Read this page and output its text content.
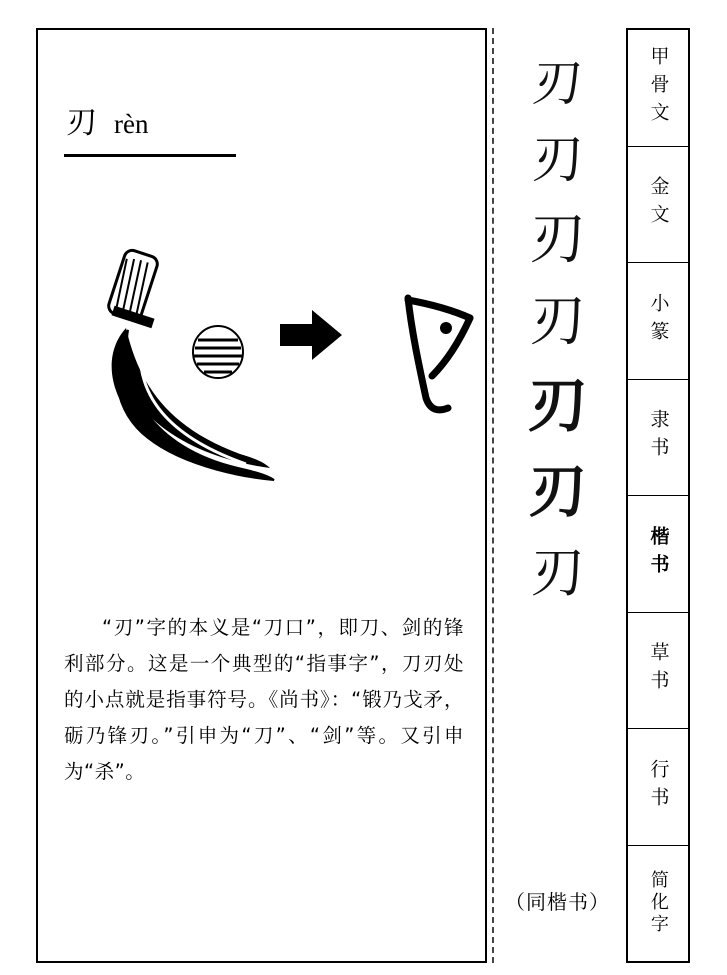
刃 rèn
“刃”字的本义是“刀口”，即刀、剑的锋利部分。这是一个典型的“指事字”，刀刃处的小点就是指事符号。《尚书》：“锻乃戈矛，砺乃锋刃。”引申为“刀”、“剑”等。又引申为“杀”。
刃
刃
刃
刃
刃
刃
刃
（同楷书）
甲骨文
金文
小篆
隶书
楷书
草书
行书
简化字
